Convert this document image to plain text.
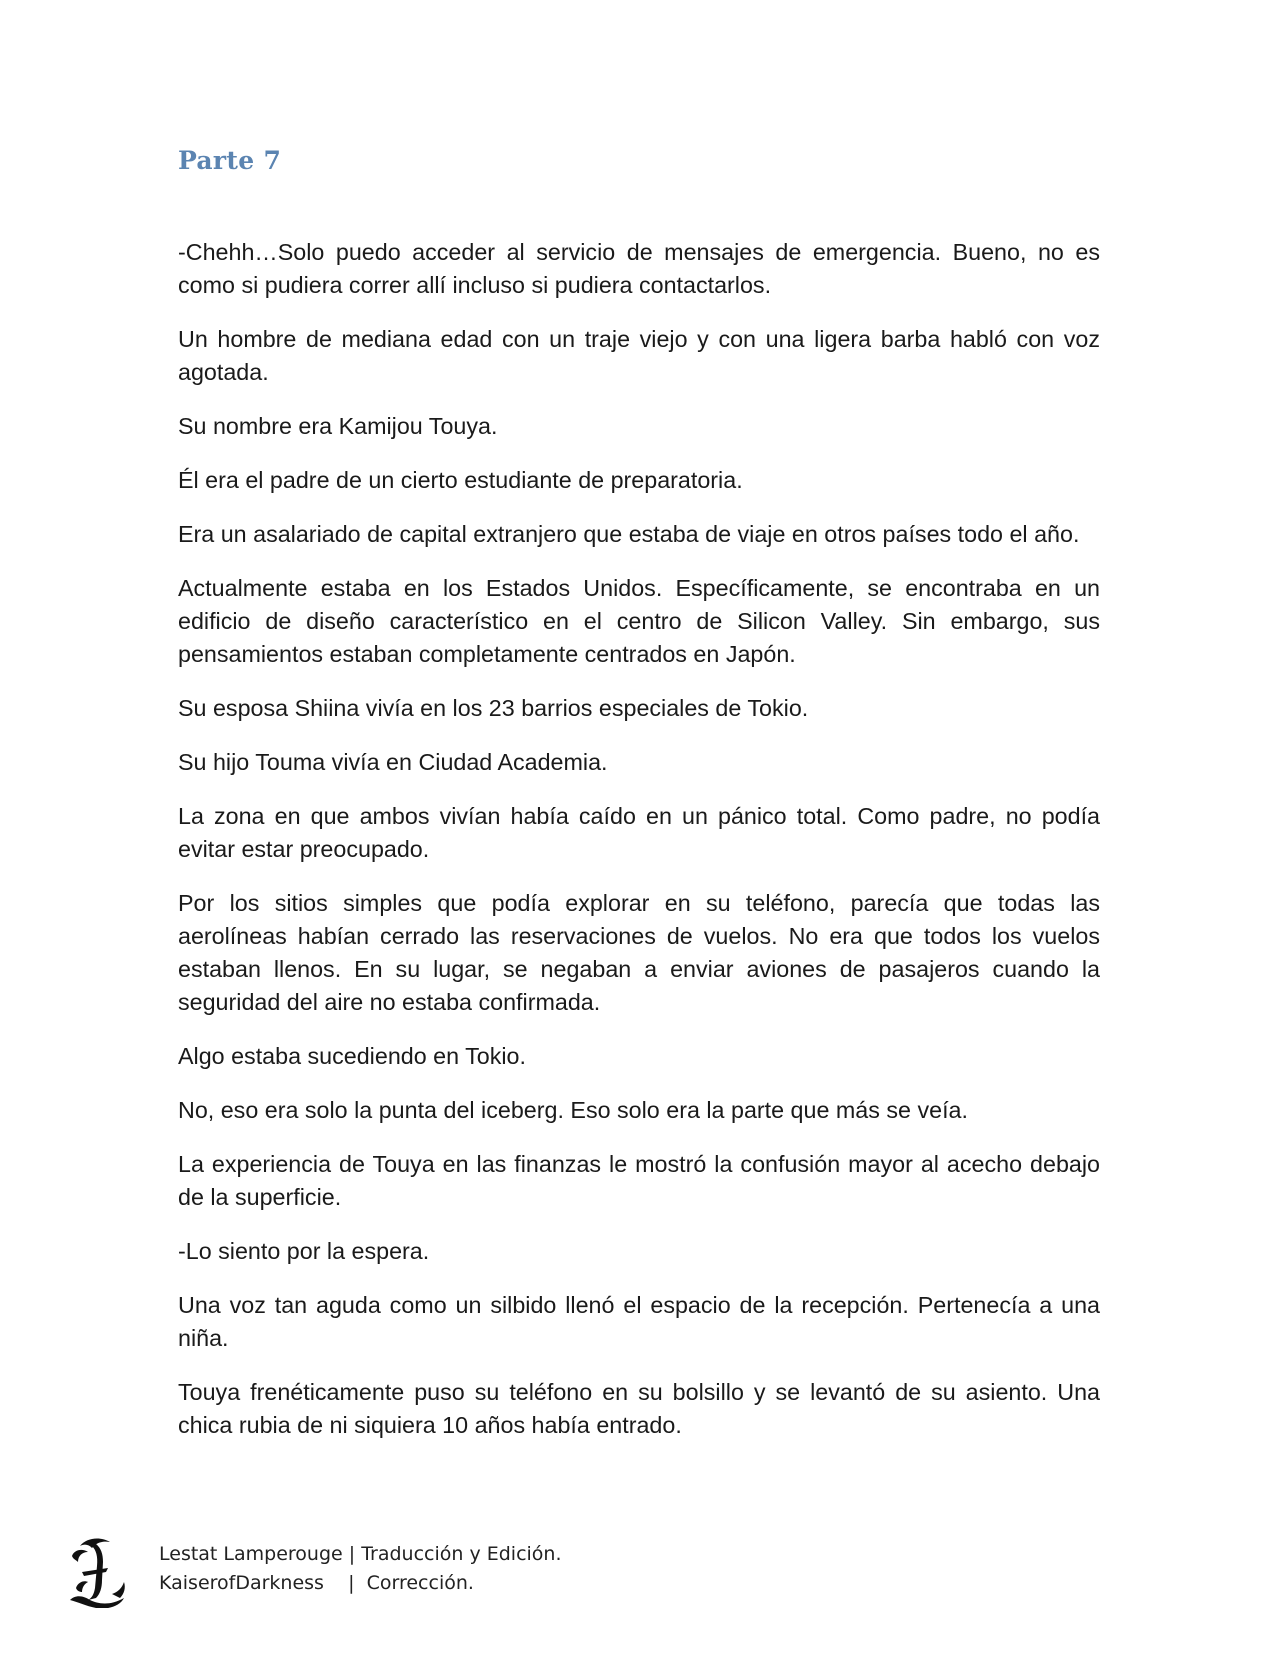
Parte 7

-Chehh…Solo puedo acceder al servicio de mensajes de emergencia. Bueno, no es como si pudiera correr allí incluso si pudiera contactarlos.

Un hombre de mediana edad con un traje viejo y con una ligera barba habló con voz agotada.

Su nombre era Kamijou Touya.

Él era el padre de un cierto estudiante de preparatoria.

Era un asalariado de capital extranjero que estaba de viaje en otros países todo el año.

Actualmente estaba en los Estados Unidos. Específicamente, se encontraba en un edificio de diseño característico en el centro de Silicon Valley. Sin embargo, sus pensamientos estaban completamente centrados en Japón.

Su esposa Shiina vivía en los 23 barrios especiales de Tokio.

Su hijo Touma vivía en Ciudad Academia.

La zona en que ambos vivían había caído en un pánico total. Como padre, no podía evitar estar preocupado.

Por los sitios simples que podía explorar en su teléfono, parecía que todas las aerolíneas habían cerrado las reservaciones de vuelos. No era que todos los vuelos estaban llenos. En su lugar, se negaban a enviar aviones de pasajeros cuando la seguridad del aire no estaba confirmada.

Algo estaba sucediendo en Tokio.

No, eso era solo la punta del iceberg. Eso solo era la parte que más se veía.

La experiencia de Touya en las finanzas le mostró la confusión mayor al acecho debajo de la superficie.

-Lo siento por la espera.

Una voz tan aguda como un silbido llenó el espacio de la recepción. Pertenecía a una niña.

Touya frenéticamente puso su teléfono en su bolsillo y se levantó de su asiento. Una chica rubia de ni siquiera 10 años había entrado.

Lestat Lamperouge | Traducción y Edición.
KaiserofDarkness    |  Corrección.
